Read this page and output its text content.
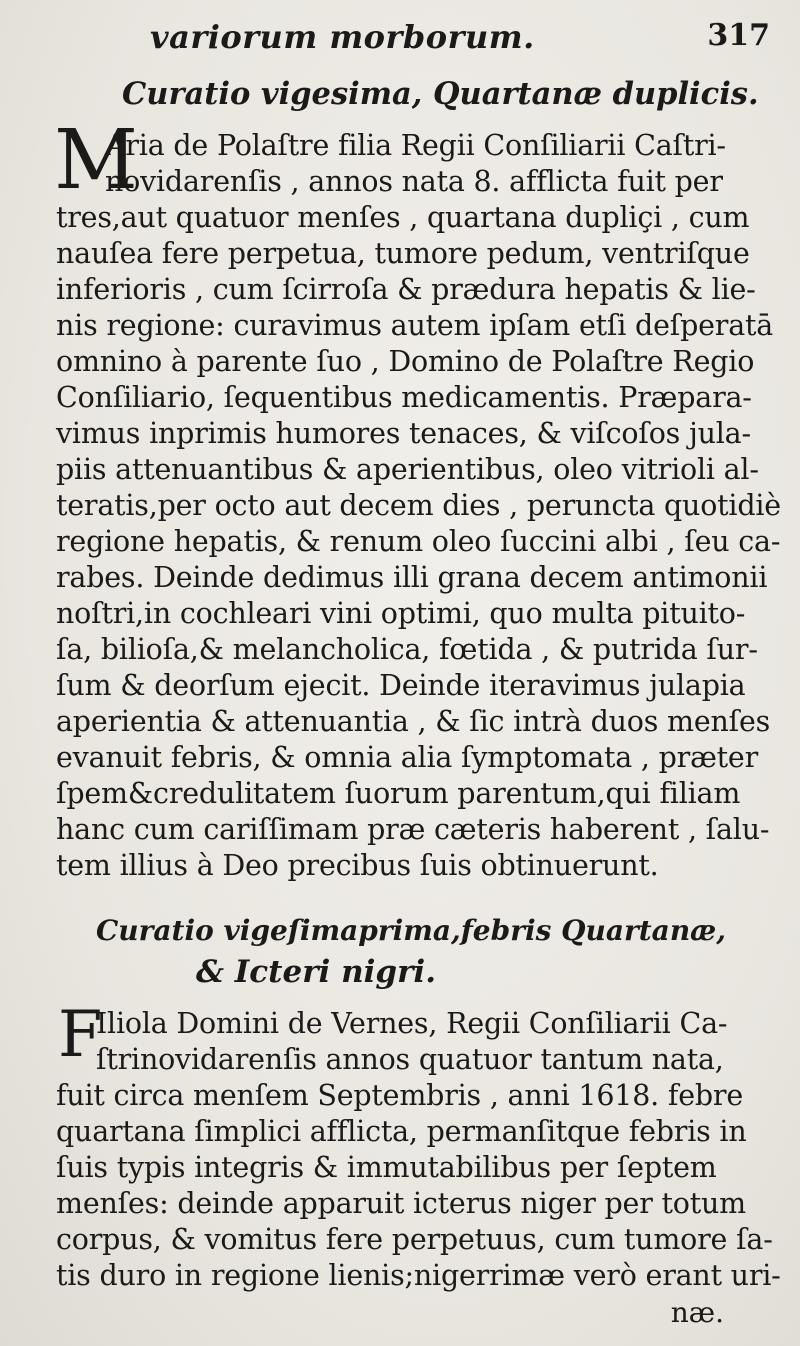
variorum morborum.	317
Curatio vigesima, Quartanæ duplicis.
M
Aria de Polaſtre filia Regii Conſiliarii Caſtri-
novidarenſis , annos nata 8. afflicta fuit per
tres,aut quatuor menſes , quartana dupliçi , cum
nauſea fere perpetua, tumore pedum, ventriſque
inferioris , cum ſcirroſa & prædura hepatis & lie-
nis regione: curavimus autem ipſam etſi deſperatā
omnino à parente ſuo , Domino de Polaſtre Regio
Conſiliario, ſequentibus medicamentis. Præpara-
vimus inprimis humores tenaces, & viſcoſos jula-
piis attenuantibus & aperientibus, oleo vitrioli al-
teratis,per octo aut decem dies , perunctа quotidiè
regione hepatis, & renum oleo ſuccini albi , ſeu ca-
rabes. Deinde dedimus illi grana decem antimonii
noſtri,in cochleari vini optimi, quo multa pituito-
ſa, bilioſa,& melancholica, fœtida , & putrida ſur-
ſum & deorſum ejecit. Deinde iteravimus julapia
aperientia & attenuantia , & ſic intrà duos menſes
evanuit febris, & omnia alia ſymptomata , præter
ſpem&credulitatem ſuorum parentum,qui filiam
hanc cum cariſſimam præ cæteris haberent , ſalu-
tem illius à Deo precibus ſuis obtinuerunt.
Curatio vigeſimaprima,febris Quartanæ,
& Icteri nigri.
F
Iliola Domini de Vernes, Regii Conſiliarii Ca-
ſtrinovidarenſis annos quatuor tantum nata,
fuit circa menſem Septembris , anni 1618. febre
quartana ſimplici afflicta, permanſitque febris in
ſuis typis integris & immutabilibus per ſeptem
menſes: deinde apparuit icterus niger per totum
corpus, & vomitus fere perpetuus, cum tumore ſa-
tis duro in regione lienis;nigerrimæ verò erant uri-
næ.
